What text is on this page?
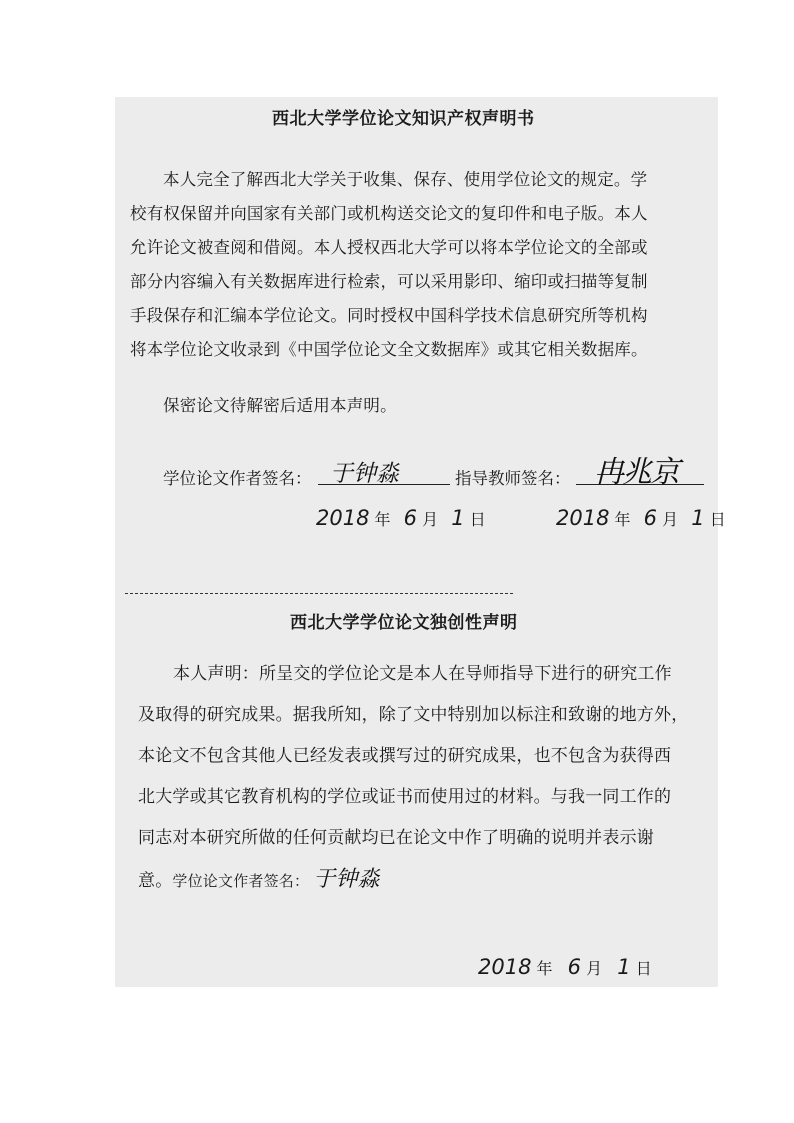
西北大学学位论文知识产权声明书
本人完全了解西北大学关于收集、保存、使用学位论文的规定。学
校有权保留并向国家有关部门或机构送交论文的复印件和电子版。本人
允许论文被查阅和借阅。本人授权西北大学可以将本学位论文的全部或
部分内容编入有关数据库进行检索，可以采用影印、缩印或扫描等复制
手段保存和汇编本学位论文。同时授权中国科学技术信息研究所等机构
将本学位论文收录到《中国学位论文全文数据库》或其它相关数据库。
保密论文待解密后适用本声明。
学位论文作者签名： 于钟淼	指导教师签名： 冉兆京
2018 年 6 月 1 日	2018 年 6 月 1 日
西北大学学位论文独创性声明
本人声明：所呈交的学位论文是本人在导师指导下进行的研究工作
及取得的研究成果。据我所知，除了文中特别加以标注和致谢的地方外，
本论文不包含其他人已经发表或撰写过的研究成果，也不包含为获得西
北大学或其它教育机构的学位或证书而使用过的材料。与我一同工作的
同志对本研究所做的任何贡献均已在论文中作了明确的说明并表示谢
意。学位论文作者签名： 于钟淼
2018 年 6 月 1 日
